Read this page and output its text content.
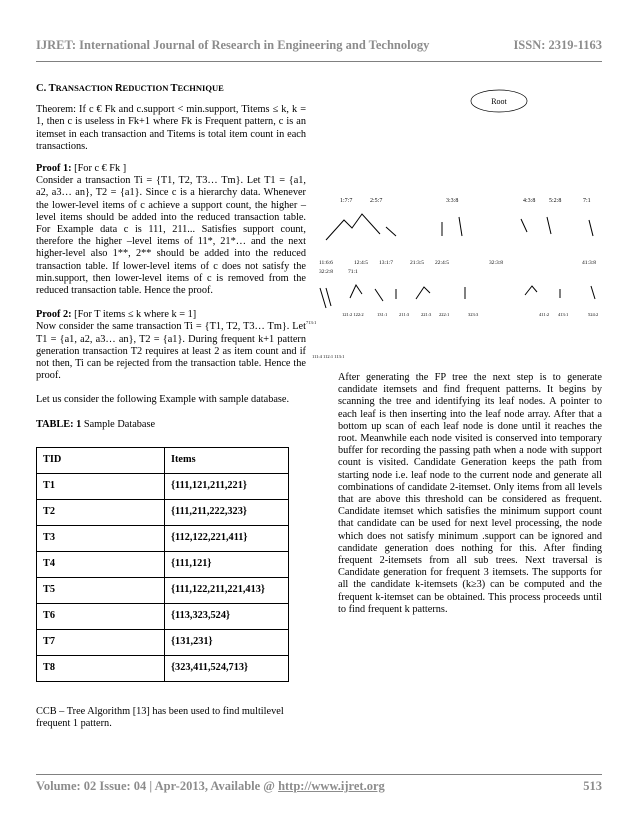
IJRET: International Journal of Research in Engineering and Technology	ISSN: 2319-1163
C. TRANSACTION REDUCTION TECHNIQUE

Theorem: If c € Fk and c.support < min.support, Titems ≤ k, k = 1, then c is useless in Fk+1 where Fk is Frequent pattern, c is an itemset in each transaction and Titems is total item count in each transactions.

Proof 1: [For c € Fk ]

Consider a transaction Ti = {T1, T2, T3… Tm}. Let T1 = {a1, a2, a3… an}, T2 = {a1}. Since c is a hierarchy data. Whenever the lower-level items of c achieve a support count, the higher –level items should be added into the reduced transaction table. For Example data c is 111, 211... Satisfies support count, therefore the higher –level items of 11*, 21*… and the next higher-level also 1**, 2** should be added into the reduced transaction table. If lower-level items of c does not satisfy the min.support, then lower-level items of c is removed from the reduced transaction table. Hence the proof.

Proof 2: [For T items ≤ k where k = 1]

Now consider the same transaction Ti = {T1, T2, T3… Tm}. Let T1 = {a1, a2, a3… an}, T2 = {a1}. During frequent k+1 pattern generation transaction T2 requires at least 2 as item count and if not then, Ti can be rejected from the transaction table. Hence the proof.

Let us consider the following Example with sample database.

TABLE: 1 Sample Database

TID	Items
T1	{111,121,211,221}
T2	{111,211,222,323}
T3	{112,122,221,411}
T4	{111,121}
T5	{111,122,211,221,413}
T6	{113,323,524}
T7	{131,231}
T8	{323,411,524,713}

CCB – Tree Algorithm [13] has been used to find multilevel frequent 1 pattern.

Root
1:7:7	2:5:7	3:3:8	4:3:8 5:2:8	7:1
11:6:6	12:4:5 13:1:7	21:3:5 22:4:5	32:3:8	41:3:8
32:2:8	71:1
713:1
121:2 122:2	131:1	211:3	221:3 222:1	323:3	411:2 413:1	524:2
111:4 112:1 113:1

After generating the FP tree the next step is to generate candidate itemsets and find frequent patterns. It begins by scanning the tree and identifying its leaf nodes. A pointer to each leaf is then inserting into the leaf node array. After that a bottom up scan of each leaf node is done until it reaches the root. Meanwhile each node visited is conserved into temporary buffer for recording the passing path when a node with support count is visited. Candidate Generation keeps the path from starting node i.e. leaf node to the current node and generate all combinations of candidate 2-itemset. Only items from all levels that are above this threshold can be considered as frequent. Candidate itemset which satisfies the minimum support count that candidate can be used for next level processing, the node which does not satisfy minimum .support can be ignored and candidate generation does nothing for this. After finding frequent 2-itemsets from all sub trees. Next traversal is Candidate generation for frequent 3 itemsets. The supports for all the candidate k-itemsets (k≥3) can be computed and the frequent k-itemset can be obtained. This process proceeds until to find frequent k patterns.

Volume: 02 Issue: 04 | Apr-2013, Available @ http://www.ijret.org	513
